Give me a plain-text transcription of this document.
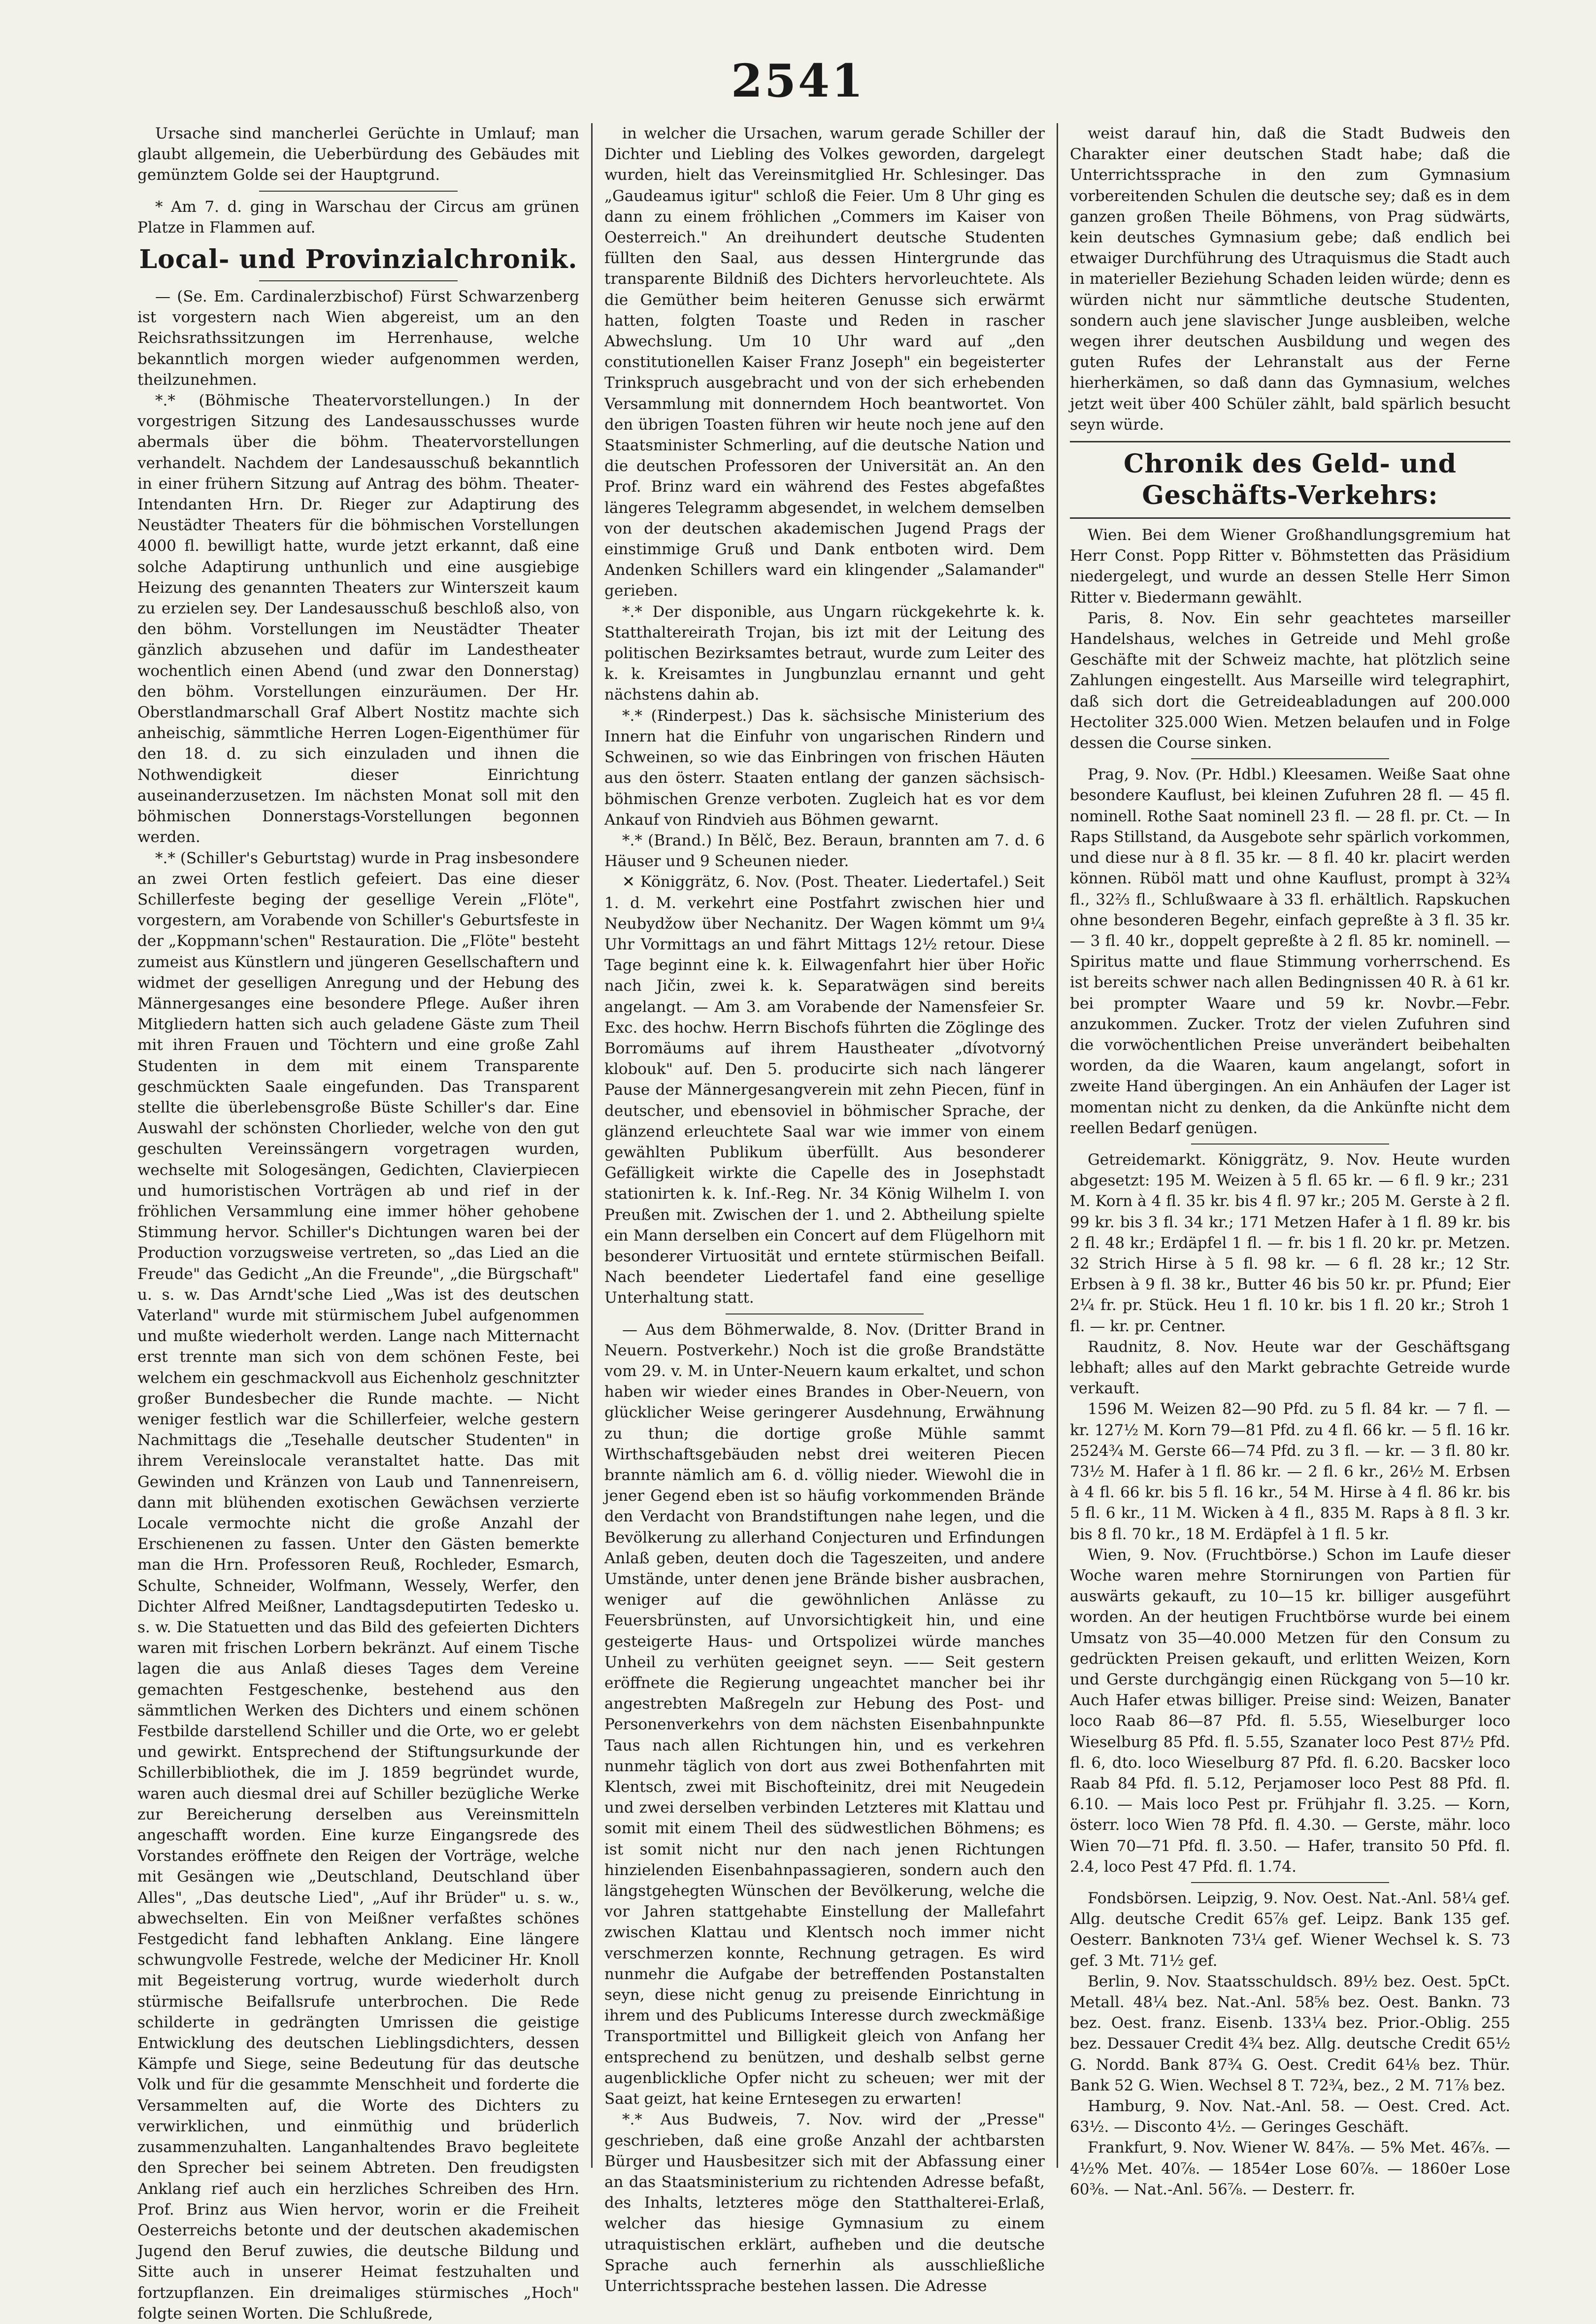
2541

Ursache sind mancherlei Gerüchte in Umlauf; man glaubt allgemein, die Ueberbürdung des Gebäudes mit gemünztem Golde sei der Hauptgrund.

* Am 7. d. ging in Warschau der Circus am grünen Platze in Flammen auf.

Local- und Provinzialchronik.

— (Se. Em. Cardinalerzbischof) Fürst Schwarzenberg ist vorgestern nach Wien abgereist, um an den Reichsrathssitzungen im Herrenhause, welche bekanntlich morgen wieder aufgenommen werden, theilzunehmen.

*.* (Böhmische Theatervorstellungen.) In der vorgestrigen Sitzung des Landesausschusses wurde abermals über die böhm. Theatervorstellungen verhandelt. Nachdem der Landesausschuß bekanntlich in einer frühern Sitzung auf Antrag des böhm. Theater-Intendanten Hrn. Dr. Rieger zur Adaptirung des Neustädter Theaters für die böhmischen Vorstellungen 4000 fl. bewilligt hatte, wurde jetzt erkannt, daß eine solche Adaptirung unthunlich und eine ausgiebige Heizung des genannten Theaters zur Winterszeit kaum zu erzielen sey. Der Landesausschuß beschloß also, von den böhm. Vorstellungen im Neustädter Theater gänzlich abzusehen und dafür im Landestheater wochentlich einen Abend (und zwar den Donnerstag) den böhm. Vorstellungen einzuräumen. Der Hr. Oberstlandmarschall Graf Albert Nostitz machte sich anheischig, sämmtliche Herren Logen-Eigenthümer für den 18. d. zu sich einzuladen und ihnen die Nothwendigkeit dieser Einrichtung auseinanderzusetzen. Im nächsten Monat soll mit den böhmischen Donnerstags-Vorstellungen begonnen werden.

*.* (Schiller's Geburtstag) wurde in Prag insbesondere an zwei Orten festlich gefeiert. Das eine dieser Schillerfeste beging der gesellige Verein „Flöte", vorgestern, am Vorabende von Schiller's Geburtsfeste in der „Koppmann'schen" Restauration. Die „Flöte" besteht zumeist aus Künstlern und jüngeren Gesellschaftern und widmet der geselligen Anregung und der Hebung des Männergesanges eine besondere Pflege. Außer ihren Mitgliedern hatten sich auch geladene Gäste zum Theil mit ihren Frauen und Töchtern und eine große Zahl Studenten in dem mit einem Transparente geschmückten Saale eingefunden. Das Transparent stellte die überlebensgroße Büste Schiller's dar. Eine Auswahl der schönsten Chorlieder, welche von den gut geschulten Vereinssängern vorgetragen wurden, wechselte mit Sologesängen, Gedichten, Clavierpiecen und humoristischen Vorträgen ab und rief in der fröhlichen Versammlung eine immer höher gehobene Stimmung hervor. Schiller's Dichtungen waren bei der Production vorzugsweise vertreten, so „das Lied an die Freude" das Gedicht „An die Freunde", „die Bürgschaft" u. s. w. Das Arndt'sche Lied „Was ist des deutschen Vaterland" wurde mit stürmischem Jubel aufgenommen und mußte wiederholt werden. Lange nach Mitternacht erst trennte man sich von dem schönen Feste, bei welchem ein geschmackvoll aus Eichenholz geschnitzter großer Bundesbecher die Runde machte. — Nicht weniger festlich war die Schillerfeier, welche gestern Nachmittags die „Tesehalle deutscher Studenten" in ihrem Vereinslocale veranstaltet hatte. Das mit Gewinden und Kränzen von Laub und Tannenreisern, dann mit blühenden exotischen Gewächsen verzierte Locale vermochte nicht die große Anzahl der Erschienenen zu fassen. Unter den Gästen bemerkte man die Hrn. Professoren Reuß, Rochleder, Esmarch, Schulte, Schneider, Wolfmann, Wessely, Werfer, den Dichter Alfred Meißner, Landtagsdeputirten Tedesko u. s. w. Die Statuetten und das Bild des gefeierten Dichters waren mit frischen Lorbern bekränzt. Auf einem Tische lagen die aus Anlaß dieses Tages dem Vereine gemachten Festgeschenke, bestehend aus den sämmtlichen Werken des Dichters und einem schönen Festbilde darstellend Schiller und die Orte, wo er gelebt und gewirkt. Entsprechend der Stiftungsurkunde der Schillerbibliothek, die im J. 1859 begründet wurde, waren auch diesmal drei auf Schiller bezügliche Werke zur Bereicherung derselben aus Vereinsmitteln angeschafft worden. Eine kurze Eingangsrede des Vorstandes eröffnete den Reigen der Vorträge, welche mit Gesängen wie „Deutschland, Deutschland über Alles", „Das deutsche Lied", „Auf ihr Brüder" u. s. w., abwechselten. Ein von Meißner verfaßtes schönes Festgedicht fand lebhaften Anklang. Eine längere schwungvolle Festrede, welche der Mediciner Hr. Knoll mit Begeisterung vortrug, wurde wiederholt durch stürmische Beifallsrufe unterbrochen. Die Rede schilderte in gedrängten Umrissen die geistige Entwicklung des deutschen Lieblingsdichters, dessen Kämpfe und Siege, seine Bedeutung für das deutsche Volk und für die gesammte Menschheit und forderte die Versammelten auf, die Worte des Dichters zu verwirklichen, und einmüthig und brüderlich zusammenzuhalten. Langanhaltendes Bravo begleitete den Sprecher bei seinem Abtreten. Den freudigsten Anklang rief auch ein herzliches Schreiben des Hrn. Prof. Brinz aus Wien hervor, worin er die Freiheit Oesterreichs betonte und der deutschen akademischen Jugend den Beruf zuwies, die deutsche Bildung und Sitte auch in unserer Heimat festzuhalten und fortzupflanzen. Ein dreimaliges stürmisches „Hoch" folgte seinen Worten. Die Schlußrede,

in welcher die Ursachen, warum gerade Schiller der Dichter und Liebling des Volkes geworden, dargelegt wurden, hielt das Vereinsmitglied Hr. Schlesinger. Das „Gaudeamus igitur" schloß die Feier. Um 8 Uhr ging es dann zu einem fröhlichen „Commers im Kaiser von Oesterreich." An dreihundert deutsche Studenten füllten den Saal, aus dessen Hintergrunde das transparente Bildniß des Dichters hervorleuchtete. Als die Gemüther beim heiteren Genusse sich erwärmt hatten, folgten Toaste und Reden in rascher Abwechslung. Um 10 Uhr ward auf „den constitutionellen Kaiser Franz Joseph" ein begeisterter Trinkspruch ausgebracht und von der sich erhebenden Versammlung mit donnerndem Hoch beantwortet. Von den übrigen Toasten führen wir heute noch jene auf den Staatsminister Schmerling, auf die deutsche Nation und die deutschen Professoren der Universität an. An den Prof. Brinz ward ein während des Festes abgefaßtes längeres Telegramm abgesendet, in welchem demselben von der deutschen akademischen Jugend Prags der einstimmige Gruß und Dank entboten wird. Dem Andenken Schillers ward ein klingender „Salamander" gerieben.

*.* Der disponible, aus Ungarn rückgekehrte k. k. Statthaltereirath Trojan, bis izt mit der Leitung des politischen Bezirksamtes betraut, wurde zum Leiter des k. k. Kreisamtes in Jungbunzlau ernannt und geht nächstens dahin ab.

*.* (Rinderpest.) Das k. sächsische Ministerium des Innern hat die Einfuhr von ungarischen Rindern und Schweinen, so wie das Einbringen von frischen Häuten aus den österr. Staaten entlang der ganzen sächsisch-böhmischen Grenze verboten. Zugleich hat es vor dem Ankauf von Rindvieh aus Böhmen gewarnt.

*.* (Brand.) In Bělč, Bez. Beraun, brannten am 7. d. 6 Häuser und 9 Scheunen nieder.

✕ Königgrätz, 6. Nov. (Post. Theater. Liedertafel.) Seit 1. d. M. verkehrt eine Postfahrt zwischen hier und Neubydžow über Nechanitz. Der Wagen kömmt um 9¼ Uhr Vormittags an und fährt Mittags 12½ retour. Diese Tage beginnt eine k. k. Eilwagenfahrt hier über Hořic nach Jičin, zwei k. k. Separatwägen sind bereits angelangt. — Am 3. am Vorabende der Namensfeier Sr. Exc. des hochw. Herrn Bischofs führten die Zöglinge des Borromäums auf ihrem Haustheater „dívotvorný klobouk" auf. Den 5. producirte sich nach längerer Pause der Männergesangverein mit zehn Piecen, fünf in deutscher, und ebensoviel in böhmischer Sprache, der glänzend erleuchtete Saal war wie immer von einem gewählten Publikum überfüllt. Aus besonderer Gefälligkeit wirkte die Capelle des in Josephstadt stationirten k. k. Inf.-Reg. Nr. 34 König Wilhelm I. von Preußen mit. Zwischen der 1. und 2. Abtheilung spielte ein Mann derselben ein Concert auf dem Flügelhorn mit besonderer Virtuosität und erntete stürmischen Beifall. Nach beendeter Liedertafel fand eine gesellige Unterhaltung statt.

— Aus dem Böhmerwalde, 8. Nov. (Dritter Brand in Neuern. Postverkehr.) Noch ist die große Brandstätte vom 29. v. M. in Unter-Neuern kaum erkaltet, und schon haben wir wieder eines Brandes in Ober-Neuern, von glücklicher Weise geringerer Ausdehnung, Erwähnung zu thun; die dortige große Mühle sammt Wirthschaftsgebäuden nebst drei weiteren Piecen brannte nämlich am 6. d. völlig nieder. Wiewohl die in jener Gegend eben ist so häufig vorkommenden Brände den Verdacht von Brandstiftungen nahe legen, und die Bevölkerung zu allerhand Conjecturen und Erfindungen Anlaß geben, deuten doch die Tageszeiten, und andere Umstände, unter denen jene Brände bisher ausbrachen, weniger auf die gewöhnlichen Anlässe zu Feuersbrünsten, auf Unvorsichtigkeit hin, und eine gesteigerte Haus- und Ortspolizei würde manches Unheil zu verhüten geeignet seyn. —— Seit gestern eröffnete die Regierung ungeachtet mancher bei ihr angestrebten Maßregeln zur Hebung des Post- und Personenverkehrs von dem nächsten Eisenbahnpunkte Taus nach allen Richtungen hin, und es verkehren nunmehr täglich von dort aus zwei Bothenfahrten mit Klentsch, zwei mit Bischofteinitz, drei mit Neugedein und zwei derselben verbinden Letzteres mit Klattau und somit mit einem Theil des südwestlichen Böhmens; es ist somit nicht nur den nach jenen Richtungen hinzielenden Eisenbahnpassagieren, sondern auch den längstgehegten Wünschen der Bevölkerung, welche die vor Jahren stattgehabte Einstellung der Mallefahrt zwischen Klattau und Klentsch noch immer nicht verschmerzen konnte, Rechnung getragen. Es wird nunmehr die Aufgabe der betreffenden Postanstalten seyn, diese nicht genug zu preisende Einrichtung in ihrem und des Publicums Interesse durch zweckmäßige Transportmittel und Billigkeit gleich von Anfang her entsprechend zu benützen, und deshalb selbst gerne augenblickliche Opfer nicht zu scheuen; wer mit der Saat geizt, hat keine Erntesegen zu erwarten!

*.* Aus Budweis, 7. Nov. wird der „Presse" geschrieben, daß eine große Anzahl der achtbarsten Bürger und Hausbesitzer sich mit der Abfassung einer an das Staatsministerium zu richtenden Adresse befaßt, des Inhalts, letzteres möge den Statthalterei-Erlaß, welcher das hiesige Gymnasium zu einem utraquistischen erklärt, aufheben und die deutsche Sprache auch fernerhin als ausschließliche Unterrichtssprache bestehen lassen. Die Adresse

weist darauf hin, daß die Stadt Budweis den Charakter einer deutschen Stadt habe; daß die Unterrichtssprache in den zum Gymnasium vorbereitenden Schulen die deutsche sey; daß es in dem ganzen großen Theile Böhmens, von Prag südwärts, kein deutsches Gymnasium gebe; daß endlich bei etwaiger Durchführung des Utraquismus die Stadt auch in materieller Beziehung Schaden leiden würde; denn es würden nicht nur sämmtliche deutsche Studenten, sondern auch jene slavischer Junge ausbleiben, welche wegen ihrer deutschen Ausbildung und wegen des guten Rufes der Lehranstalt aus der Ferne hierherkämen, so daß dann das Gymnasium, welches jetzt weit über 400 Schüler zählt, bald spärlich besucht seyn würde.

Chronik des Geld- und Geschäfts-Verkehrs:

Wien. Bei dem Wiener Großhandlungsgremium hat Herr Const. Popp Ritter v. Böhmstetten das Präsidium niedergelegt, und wurde an dessen Stelle Herr Simon Ritter v. Biedermann gewählt.

Paris, 8. Nov. Ein sehr geachtetes marseiller Handelshaus, welches in Getreide und Mehl große Geschäfte mit der Schweiz machte, hat plötzlich seine Zahlungen eingestellt. Aus Marseille wird telegraphirt, daß sich dort die Getreideabladungen auf 200.000 Hectoliter 325.000 Wien. Metzen belaufen und in Folge dessen die Course sinken.

Prag, 9. Nov. (Pr. Hdbl.) Kleesamen. Weiße Saat ohne besondere Kauflust, bei kleinen Zufuhren 28 fl. — 45 fl. nominell. Rothe Saat nominell 23 fl. — 28 fl. pr. Ct. — In Raps Stillstand, da Ausgebote sehr spärlich vorkommen, und diese nur à 8 fl. 35 kr. — 8 fl. 40 kr. placirt werden können. Rüböl matt und ohne Kauflust, prompt à 32¾ fl., 32⅔ fl., Schlußwaare à 33 fl. erhältlich. Rapskuchen ohne besonderen Begehr, einfach gepreßte à 3 fl. 35 kr. — 3 fl. 40 kr., doppelt gepreßte à 2 fl. 85 kr. nominell. — Spiritus matte und flaue Stimmung vorherrschend. Es ist bereits schwer nach allen Bedingnissen 40 R. à 61 kr. bei prompter Waare und 59 kr. Novbr.—Febr. anzukommen. Zucker. Trotz der vielen Zufuhren sind die vorwöchentlichen Preise unverändert beibehalten worden, da die Waaren, kaum angelangt, sofort in zweite Hand übergingen. An ein Anhäufen der Lager ist momentan nicht zu denken, da die Ankünfte nicht dem reellen Bedarf genügen.

Getreidemarkt. Königgrätz, 9. Nov. Heute wurden abgesetzt: 195 M. Weizen à 5 fl. 65 kr. — 6 fl. 9 kr.; 231 M. Korn à 4 fl. 35 kr. bis 4 fl. 97 kr.; 205 M. Gerste à 2 fl. 99 kr. bis 3 fl. 34 kr.; 171 Metzen Hafer à 1 fl. 89 kr. bis 2 fl. 48 kr.; Erdäpfel 1 fl. — fr. bis 1 fl. 20 kr. pr. Metzen. 32 Strich Hirse à 5 fl. 98 kr. — 6 fl. 28 kr.; 12 Str. Erbsen à 9 fl. 38 kr., Butter 46 bis 50 kr. pr. Pfund; Eier 2¼ fr. pr. Stück. Heu 1 fl. 10 kr. bis 1 fl. 20 kr.; Stroh 1 fl. — kr. pr. Centner.

Raudnitz, 8. Nov. Heute war der Geschäftsgang lebhaft; alles auf den Markt gebrachte Getreide wurde verkauft.

1596 M. Weizen 82—90 Pfd. zu 5 fl. 84 kr. — 7 fl. — kr. 127½ M. Korn 79—81 Pfd. zu 4 fl. 66 kr. — 5 fl. 16 kr. 2524¾ M. Gerste 66—74 Pfd. zu 3 fl. — kr. — 3 fl. 80 kr. 73½ M. Hafer à 1 fl. 86 kr. — 2 fl. 6 kr., 26½ M. Erbsen à 4 fl. 66 kr. bis 5 fl. 16 kr., 54 M. Hirse à 4 fl. 86 kr. bis 5 fl. 6 kr., 11 M. Wicken à 4 fl., 835 M. Raps à 8 fl. 3 kr. bis 8 fl. 70 kr., 18 M. Erdäpfel à 1 fl. 5 kr.

Wien, 9. Nov. (Fruchtbörse.) Schon im Laufe dieser Woche waren mehre Stornirungen von Partien für auswärts gekauft, zu 10—15 kr. billiger ausgeführt worden. An der heutigen Fruchtbörse wurde bei einem Umsatz von 35—40.000 Metzen für den Consum zu gedrückten Preisen gekauft, und erlitten Weizen, Korn und Gerste durchgängig einen Rückgang von 5—10 kr. Auch Hafer etwas billiger. Preise sind: Weizen, Banater loco Raab 86—87 Pfd. fl. 5.55, Wieselburger loco Wieselburg 85 Pfd. fl. 5.55, Szanater loco Pest 87½ Pfd. fl. 6, dto. loco Wieselburg 87 Pfd. fl. 6.20. Bacsker loco Raab 84 Pfd. fl. 5.12, Perjamoser loco Pest 88 Pfd. fl. 6.10. — Mais loco Pest pr. Frühjahr fl. 3.25. — Korn, österr. loco Wien 78 Pfd. fl. 4.30. — Gerste, mähr. loco Wien 70—71 Pfd. fl. 3.50. — Hafer, transito 50 Pfd. fl. 2.4, loco Pest 47 Pfd. fl. 1.74.

Fondsbörsen. Leipzig, 9. Nov. Oest. Nat.-Anl. 58¼ gef. Allg. deutsche Credit 65⅞ gef. Leipz. Bank 135 gef. Oesterr. Banknoten 73¼ gef. Wiener Wechsel k. S. 73 gef. 3 Mt. 71½ gef.

Berlin, 9. Nov. Staatsschuldsch. 89½ bez. Oest. 5pCt. Metall. 48¼ bez. Nat.-Anl. 58⅝ bez. Oest. Bankn. 73 bez. Oest. franz. Eisenb. 133¼ bez. Prior.-Oblig. 255 bez. Dessauer Credit 4¾ bez. Allg. deutsche Credit 65½ G. Nordd. Bank 87¾ G. Oest. Credit 64⅛ bez. Thür. Bank 52 G. Wien. Wechsel 8 T. 72¾, bez., 2 M. 71⅞ bez.

Hamburg, 9. Nov. Nat.-Anl. 58. — Oest. Cred. Act. 63½. — Disconto 4½. — Geringes Geschäft.

Frankfurt, 9. Nov. Wiener W. 84⅞. — 5% Met. 46⅞. — 4½% Met. 40⅞. — 1854er Lose 60⅞. — 1860er Lose 60⅜. — Nat.-Anl. 56⅞. — Desterr. fr.
